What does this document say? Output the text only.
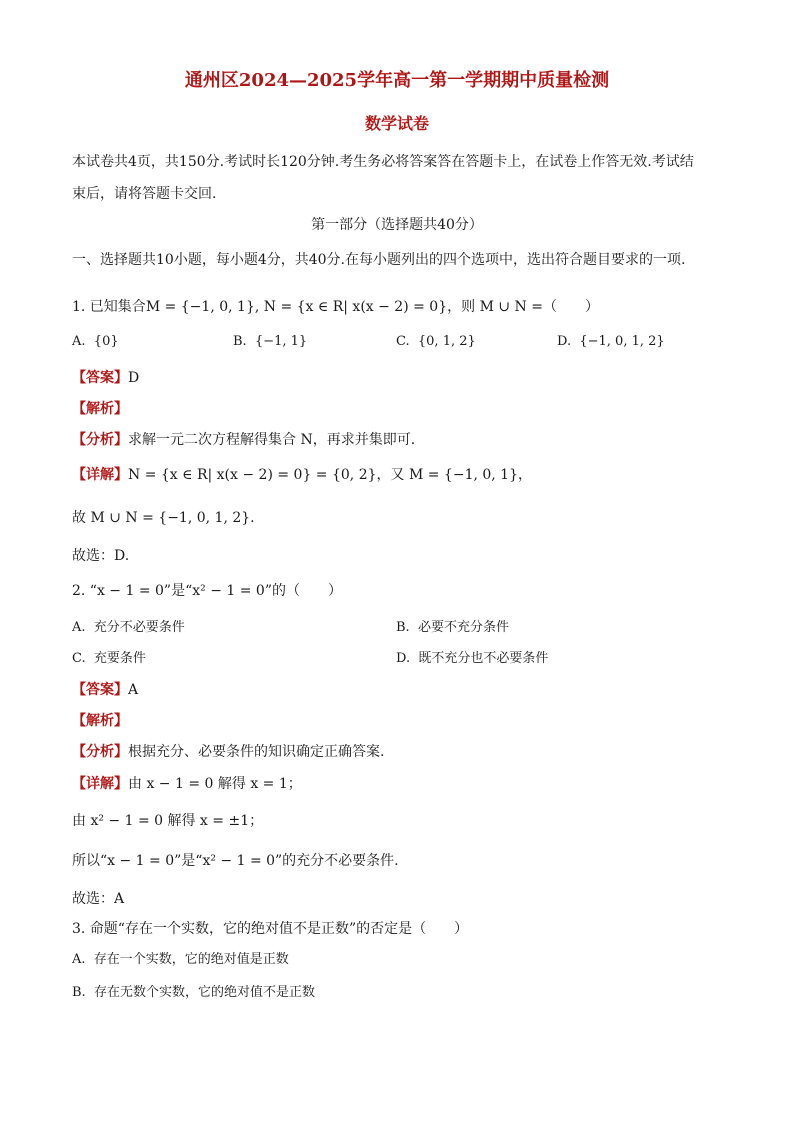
通州区2024—2025学年高一第一学期期中质量检测
数学试卷
本试卷共4页，共150分.考试时长120分钟.考生务必将答案答在答题卡上，在试卷上作答无效.考试结
束后，请将答题卡交回.
第一部分（选择题共40分）
一、选择题共10小题，每小题4分，共40分.在每小题列出的四个选项中，选出符合题目要求的一项.
1. 已知集合M = {−1, 0, 1}, N = {x ∈ R| x(x − 2) = 0}，则 M ∪ N =（　　）
A. {0}	B. {−1, 1}	C. {0, 1, 2}	D. {−1, 0, 1, 2}
【答案】D
【解析】
【分析】求解一元二次方程解得集合 N，再求并集即可.
【详解】N = {x ∈ R| x(x − 2) = 0} = {0, 2}，又 M = {−1, 0, 1}，
故 M ∪ N = {−1, 0, 1, 2}.
故选：D.
2. “x − 1 = 0”是“x² − 1 = 0”的（　　）
A. 充分不必要条件	B. 必要不充分条件
C. 充要条件	D. 既不充分也不必要条件
【答案】A
【解析】
【分析】根据充分、必要条件的知识确定正确答案.
【详解】由 x − 1 = 0 解得 x = 1；
由 x² − 1 = 0 解得 x = ±1；
所以“x − 1 = 0”是“x² − 1 = 0”的充分不必要条件.
故选：A
3. 命题“存在一个实数，它的绝对值不是正数”的否定是（　　）
A. 存在一个实数，它的绝对值是正数
B. 存在无数个实数，它的绝对值不是正数
